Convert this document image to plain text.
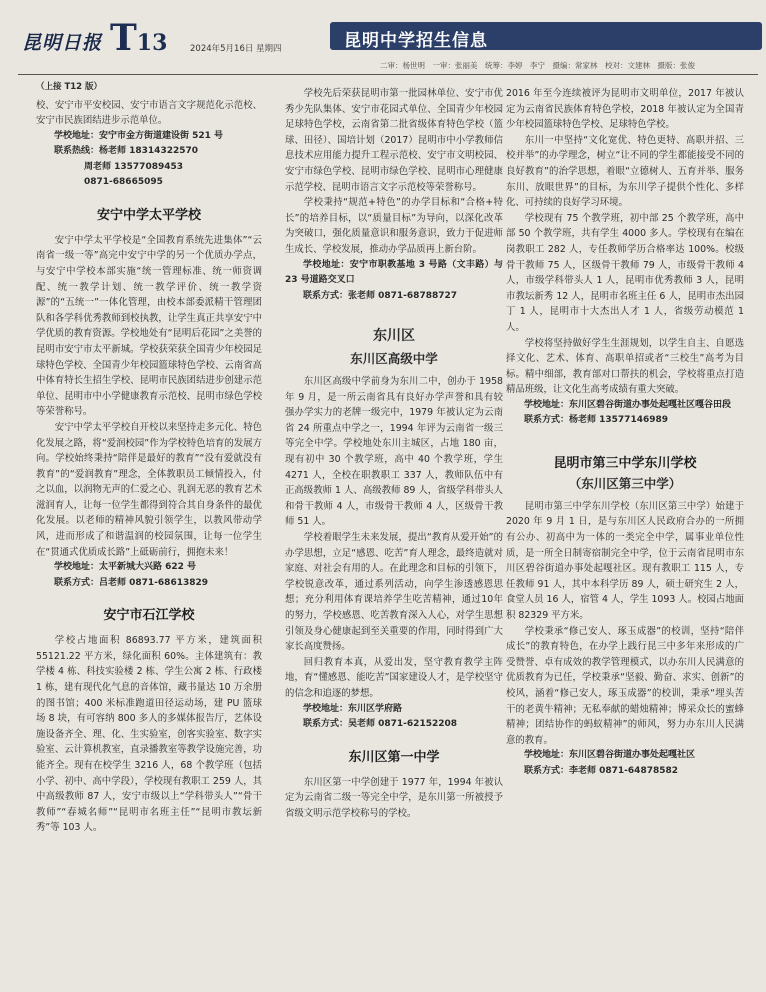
昆明日报 T13	2024年5月16日 星期四	昆明中学招生信息
二审：杨世明　一审：张丽美　统筹：李婷　李宁　摄编：常家林　校对：文建林　摄版：张俊
（上接 T12 版）

校、安宁市平安校园、安宁市语言文字规范化示范校、安宁市民族团结进步示范单位。

学校地址：安宁市金方街道建设街 521 号

联系热线：杨老师 18314322570

周老师 13577089453

0871-68665095

安宁中学太平学校

安宁中学太平学校是“全国教育系统先进集体”“云南省一级一等”高完中安宁中学的另一个优质办学点，与安宁中学校本部实施“统一管理标准、统一师资调配、统一教学计划、统一教学评价、统一教学资源”的“五统一”一体化管理，由校本部委派精干管理团队和各学科优秀教师到校执教，让学生真正共享安宁中学优质的教育资源。学校地处有“昆明后花园”之美誉的昆明市安宁市太平新城。学校获荣获全国青少年校园足球特色学校、全国青少年校园篮球特色学校、云南省高中体育特长生招生学校、昆明市民族团结进步创建示范单位、昆明市中小学健康教育示范校、昆明市绿色学校等荣誉称号。

安宁中学太平学校自开校以来坚持走多元化、特色化发展之路，将“爱润校园”作为学校特色培育的发展方向。学校始终秉持“陪伴是最好的教育”“没有爱就没有教育”的“爱润教育”理念，全体教职员工倾情投入，付之以血，以润物无声的仁爱之心、乳润无恶的教育艺术滋润育人，让每一位学生都得到符合其自身条件的最优化发展。以老师的精神风貌引领学生，以教风带动学风，进而形成了和谐温润的校园氛围，让每一位学生在“贯通式优质成长路”上砥砺前行，拥抱未来！

学校地址：太平新城大兴路 622 号

联系方式：吕老师 0871-68613829

安宁市石江学校

学校占地面积 86893.77 平方米，建筑面积 55121.22 平方米，绿化面积 60%。主体建筑有：教学楼 4 栋、科技实验楼 2 栋、学生公寓 2 栋、行政楼 1 栋，建有现代化气息的音体馆，藏书量达 10 万余册的图书馆；400 米标准跑道田径运动场，建 PU 篮球场 8 块，有可容纳 800 多人的多媒体报告厅，艺体设施设备齐全、理、化、生实验室，创客实验室、数字实验室、云计算机教室，直录播教室等教学设施完善，功能齐全。现有在校学生 3216 人，68 个教学班（包括小学、初中、高中学段），学校现有教职工 259 人，其中高级教师 87 人，安宁市级以上“学科带头人”“骨干教师”“春城名师”“昆明市名班主任”“昆明市教坛新秀”等 103 人。

学校先后荣获昆明市第一批园林单位、安宁市优秀少先队集体、安宁市花园式单位、全国青少年校园足球特色学校，云南省第二批省级体育特色学校（篮球、田径）、国培计划（2017）昆明市中小学教师信息技术应用能力提升工程示范校、安宁市文明校园、安宁市绿色学校、昆明市绿色学校、昆明市心理健康示范学校、昆明市语言文字示范校等荣誉称号。

学校秉持“规范+特色”的办学目标和“合格+特长”的培养目标，以“质量目标”为导向，以深化改革为突破口，强化质量意识和服务意识，致力于促进师生成长、学校发展，推动办学品质再上新台阶。

学校地址：安宁市职教基地 3 号路（文丰路）与 23 号道路交叉口

联系方式：张老师 0871-68788727

东川区
东川区高级中学

东川区高级中学前身为东川二中，创办于 1958 年 9 月，是一所云南省具有良好办学声誉和具有较强办学实力的老牌一级完中，1979 年被认定为云南省 24 所重点中学之一，1994 年评为云南省一级三等完全中学。学校地处东川主城区，占地 180 亩，现有初中 30 个教学班，高中 40 个教学班，学生 4271 人，全校在职教职工 337 人，教师队伍中有正高级教师 1 人、高级教师 89 人，省级学科带头人和骨干教师 4 人，市级骨干教师 4 人，区级骨干教师 51 人。

学校着眼学生未来发展，提出“教育从爱开始”的办学思想，立足“感恩、吃苦”育人理念，最终造就对家庭、对社会有用的人。在此理念和目标的引领下，学校锐意改革，通过系列活动，向学生渗透感恩思想；充分利用体育课培养学生吃苦精神，通过10年的努力，学校感恩、吃苦教育深入人心，对学生思想引领及身心健康起到至关重要的作用，同时得到广大家长高度赞扬。

回归教育本真，从爱出发，坚守教育教学主阵地，育“懂感恩、能吃苦”国家建设人才，是学校坚守的信念和追逐的梦想。

学校地址：东川区学府路

联系方式：吴老师 0871-62152208

东川区第一中学

东川区第一中学创建于 1977 年，1994 年被认定为云南省二级一等完全中学，是东川第一所被授予省级文明示范学校称号的学校。

2016 年至今连续被评为昆明市文明单位，2017 年被认定为云南省民族体育特色学校，2018 年被认定为全国青少年校园篮球特色学校、足球特色学校。

东川一中坚持“文化宽优、特色更特、高职并招、三校并举”的办学理念，树立“让不同的学生都能接受不同的良好教育”的治学思想，着眼“立德树人、五育并举、服务东川、放眼世界”的目标，为东川学子提供个性化、多样化、可持续的良好学习环境。

学校现有 75 个教学班，初中部 25 个教学班，高中部 50 个教学班，共有学生 4000 多人。学校现有在编在岗教职工 282 人，专任教师学历合格率达 100%。校级骨干教师 75 人，区级骨干教师 79 人，市级骨干教师 4 人，市级学科带头人 1 人，昆明市优秀教师 3 人，昆明市教坛新秀 12 人，昆明市名班主任 6 人，昆明市杰出园丁 1 人，昆明市十大杰出人才 1 人，省级劳动模范 1 人。

学校将坚持做好学生生涯规划，以学生自主、自愿选择文化、艺术、体育、高职单招或者“三校生”高考为目标。精中细部，教育部对口帮扶的机会，学校将重点打造精品班级，让文化生高考成绩有重大突破。

学校地址：东川区碧谷街道办事处起嘎社区嘎谷田段

联系方式：杨老师 13577146989

昆明市第三中学东川学校
（东川区第三中学）

昆明市第三中学东川学校（东川区第三中学）始建于 2020 年 9 月 1 日，是与东川区人民政府合办的一所拥有公办、初高中为一体的一类完全中学，属事业单位性质，是一所全日制寄宿制完全中学，位于云南省昆明市东川区碧谷街道办事处起嘎社区。现有教职工 115 人，专任教师 91 人，其中本科学历 89 人，硕士研究生 2 人，食堂人员 16 人，宿管 4 人，学生 1093 人。校园占地面积 82329 平方米。

学校秉承“修己安人、琢玉成器”的校训，坚持“陪伴成长”的教育特色，在办学上践行昆三中多年来形成的广受赞誉、卓有成效的教学管理模式，以办东川人民满意的优质教育为已任，学校秉承“坚毅、勤奋、求实、创新”的校风，涵着“修己安人，琢玉成器”的校训，秉承“埋头苦干的老黄牛精神；无私奉献的蜡烛精神；博采众长的蜜蜂精神；团结协作的蚂蚁精神”的师风，努力办东川人民满意的教育。

学校地址：东川区碧谷街道办事处起嘎社区

联系方式：李老师 0871-64878582
